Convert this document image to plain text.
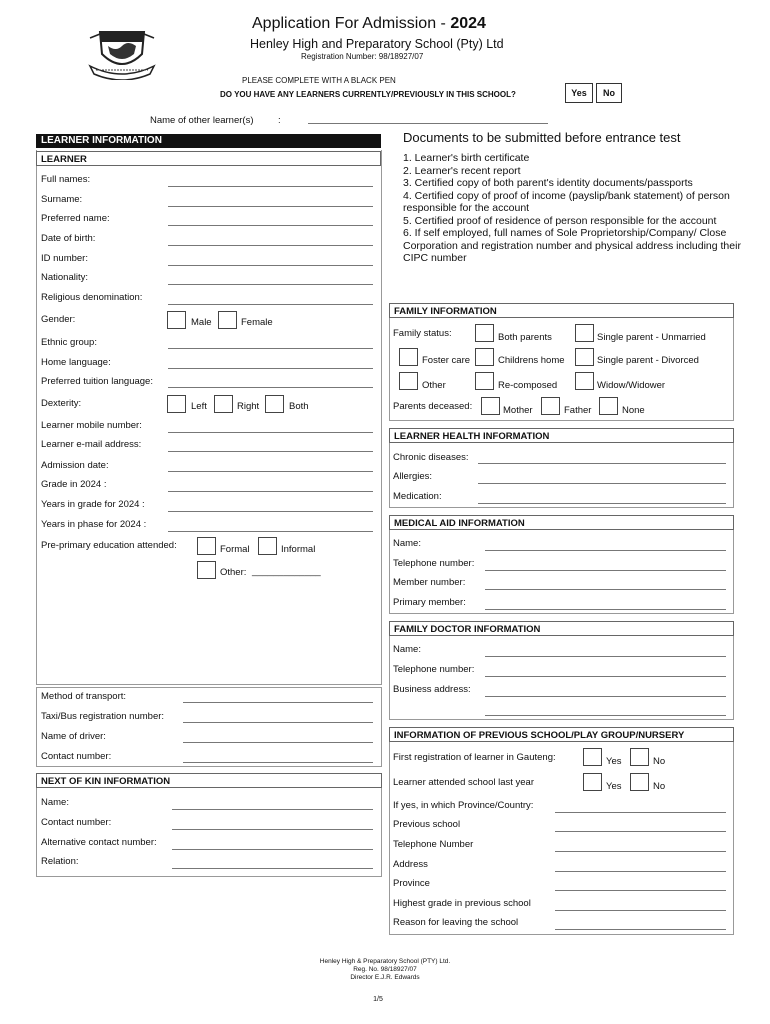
Application For Admission - 2024
Henley High and Preparatory School (Pty) Ltd
Registration Number: 98/18927/07
PLEASE COMPLETE WITH A BLACK PEN
DO YOU HAVE ANY LEARNERS CURRENTLY/PREVIOUSLY IN THIS SCHOOL?	Yes	No
Name of other learner(s)	:
LEARNER INFORMATION
LEARNER
Full names:
Surname:
Preferred name:
Date of birth:
ID number:
Nationality:
Religious denomination:
Gender:	Male	Female
Ethnic group:
Home language:
Preferred tuition language:
Dexterity:	Left	Right	Both
Learner mobile number:
Learner e-mail address:
Admission date:
Grade in 2024 :
Years in grade for 2024 :
Years in phase for 2024 :
Pre-primary education attended:	Formal	Informal
Other: _____________
Method of transport:
Taxi/Bus registration number:
Name of driver:
Contact number:
NEXT OF KIN INFORMATION
Name:
Contact number:
Alternative contact number:
Relation:
Documents to be submitted before entrance test
1. Learner's birth certificate
2. Learner's recent report
3. Certified copy of both parent's identity documents/passports
4. Certified copy of proof of income (payslip/bank statement) of person responsible for the account
5. Certified proof of residence of person responsible for the account
6. If self employed, full names of Sole Proprietorship/Company/ Close Corporation and registration number and physical address including their CIPC number
FAMILY INFORMATION
Family status:	Both parents	Single parent - Unmarried
Foster care	Childrens home	Single parent - Divorced
Other	Re-composed	Widow/Widower
Parents deceased:	Mother	Father	None
LEARNER HEALTH INFORMATION
Chronic diseases:
Allergies:
Medication:
MEDICAL AID INFORMATION
Name:
Telephone number:
Member number:
Primary member:
FAMILY DOCTOR INFORMATION
Name:
Telephone number:
Business address:
INFORMATION OF PREVIOUS SCHOOL/PLAY GROUP/NURSERY
First registration of learner in Gauteng:	Yes	No
Learner attended school last year	Yes	No
If yes, in which Province/Country:
Previous school
Telephone Number
Address
Province
Highest grade in previous school
Reason for leaving the school
Henley High & Preparatory School (PTY) Ltd.
Reg. No. 98/18927/07
Director E.J.R. Edwards
1/5
